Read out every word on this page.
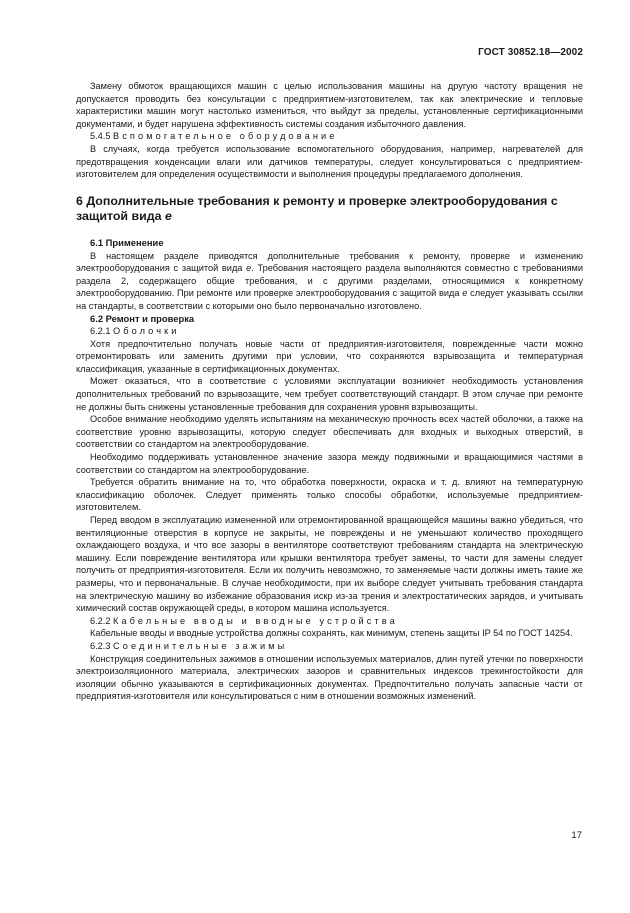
ГОСТ 30852.18—2002

Замену обмоток вращающихся машин с целью использования машины на другую частоту вращения не допускается проводить без консультации с предприятием-изготовителем, так как электрические и тепловые характеристики машин могут настолько измениться, что выйдут за пределы, установленные сертификационными документами, и будет нарушена эффективность системы создания избыточного давления.

5.4.5 Вспомогательное оборудование

В случаях, когда требуется использование вспомогательного оборудования, например, нагревателей для предотвращения конденсации влаги или датчиков температуры, следует консультироваться с предприятием-изготовителем для определения осуществимости и выполнения процедуры предлагаемого дополнения.

6 Дополнительные требования к ремонту и проверке электрооборудования с защитой вида е

6.1 Применение

В настоящем разделе приводятся дополнительные требования к ремонту, проверке и изменению электрооборудования с защитой вида е. Требования настоящего раздела выполняются совместно с требованиями раздела 2, содержащего общие требования, и с другими разделами, относящимися к конкретному электрооборудованию. При ремонте или проверке электрооборудования с защитой вида е следует указывать ссылки на стандарты, в соответствии с которыми оно было первоначально изготовлено.

6.2 Ремонт и проверка

6.2.1 Оболочки

Хотя предпочтительно получать новые части от предприятия-изготовителя, поврежденные части можно отремонтировать или заменить другими при условии, что сохраняются взрывозащита и температурная классификация, указанные в сертификационных документах.

Может оказаться, что в соответствие с условиями эксплуатации возникнет необходимость установления дополнительных требований по взрывозащите, чем требует соответствующий стандарт. В этом случае при ремонте не должны быть снижены установленные требования для сохранения уровня взрывозащиты.

Особое внимание необходимо уделять испытаниям на механическую прочность всех частей оболочки, а также на соответствие уровню взрывозащиты, которую следует обеспечивать для входных и выходных отверстий, в соответствии со стандартом на электрооборудование.

Необходимо поддерживать установленное значение зазора между подвижными и вращающимися частями в соответствии со стандартом на электрооборудование.

Требуется обратить внимание на то, что обработка поверхности, окраска и т. д. влияют на температурную классификацию оболочек. Следует применять только способы обработки, используемые предприятием-изготовителем.

Перед вводом в эксплуатацию измененной или отремонтированной вращающейся машины важно убедиться, что вентиляционные отверстия в корпусе не закрыты, не повреждены и не уменьшают количество проходящего охлаждающего воздуха, и что все зазоры в вентиляторе соответствуют требованиям стандарта на электрическую машину. Если повреждение вентилятора или крышки вентилятора требует замены, то части для замены следует получить от предприятия-изготовителя. Если их получить невозможно, то заменяемые части должны иметь такие же размеры, что и первоначальные. В случае необходимости, при их выборе следует учитывать требования стандарта на электрическую машину во избежание образования искр из-за трения и электростатических зарядов, и учитывать химический состав окружающей среды, в котором машина используется.

6.2.2 Кабельные вводы и вводные устройства

Кабельные вводы и вводные устройства должны сохранять, как минимум, степень защиты IP 54 по ГОСТ 14254.

6.2.3 Соединительные зажимы

Конструкция соединительных зажимов в отношении используемых материалов, длин путей утечки по поверхности электроизоляционного материала, электрических зазоров и сравнительных индексов трекингостойкости для изоляции обычно указываются в сертификационных документах. Предпочтительно получать запасные части от предприятия-изготовителя или консультироваться с ним в отношении возможных изменений.

17
